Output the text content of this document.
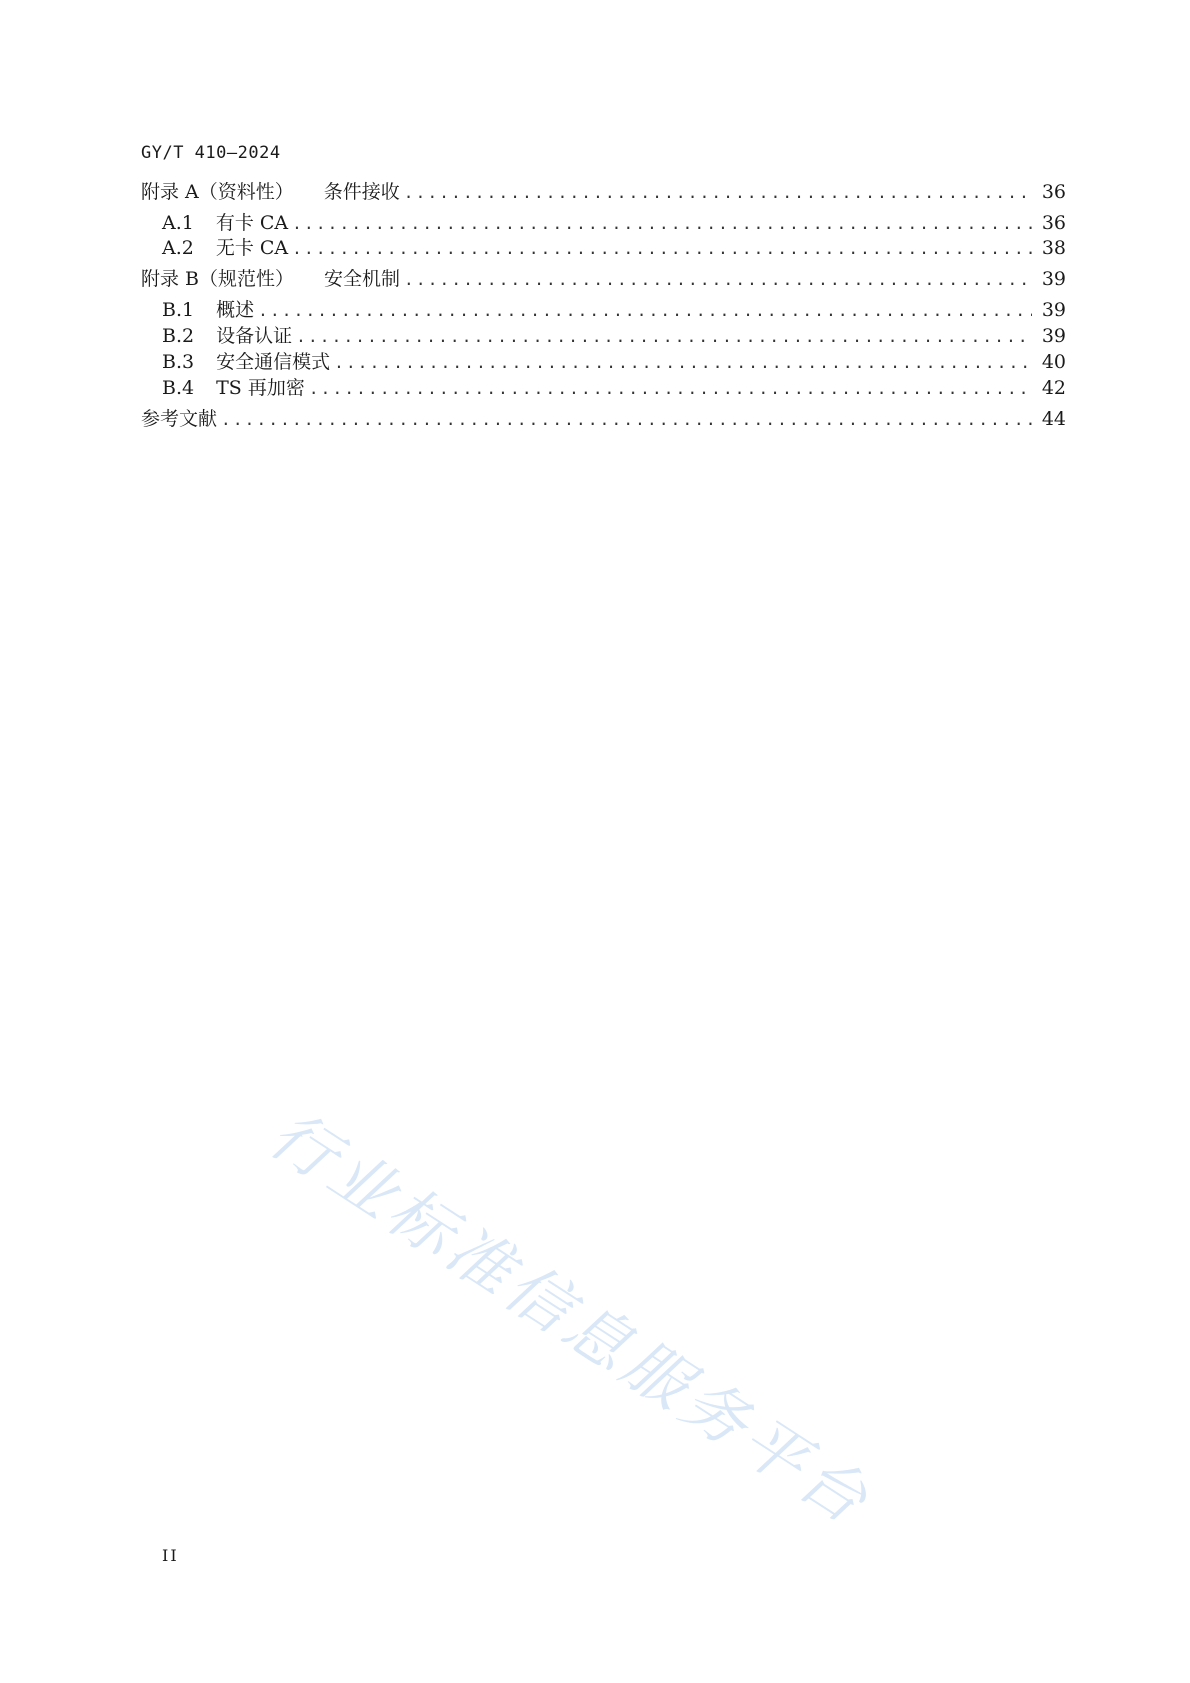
GY/T 410—2024
附录 A（资料性） 条件接收 .....	36
A.1 有卡 CA .....	36
A.2 无卡 CA .....	38
附录 B（规范性） 安全机制 .....	39
B.1 概述 .....	39
B.2 设备认证 .....	39
B.3 安全通信模式 .....	40
B.4 TS 再加密 .....	42
参考文献 .....	44
行业标准信息服务平台
II
